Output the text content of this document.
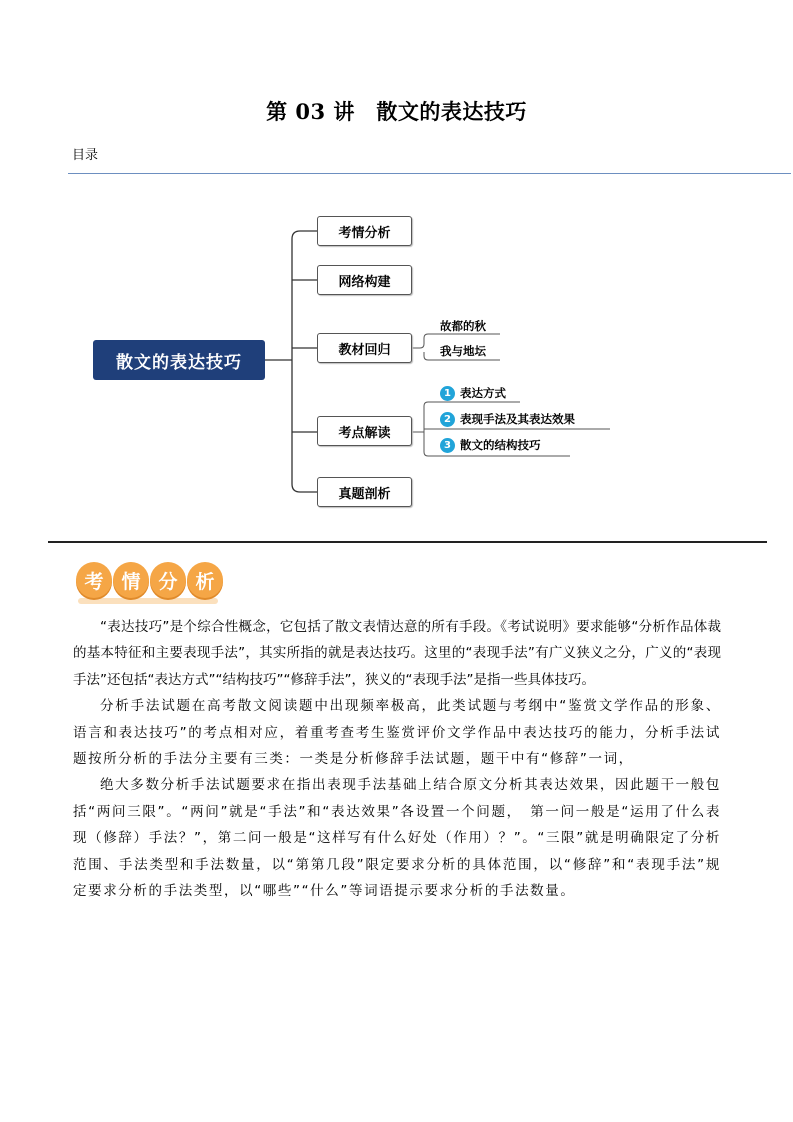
第 03 讲　散文的表达技巧
目录
散文的表达技巧
考情分析
网络构建
教材回归
考点解读
真题剖析
故都的秋
我与地坛
1 表达方式
2 表现手法及其表达效果
3 散文的结构技巧
考 情 分 析

“表达技巧”是个综合性概念，它包括了散文表情达意的所有手段。《考试说明》要求能够“分析作品体裁的基本特征和主要表现手法”，其实所指的就是表达技巧。这里的“表现手法”有广义狭义之分，广义的“表现手法”还包括“表达方式”“结构技巧”“修辞手法”，狭义的“表现手法”是指一些具体技巧。

分析手法试题在高考散文阅读题中出现频率极高，此类试题与考纲中“鉴赏文学作品的形象、语言和表达技巧”的考点相对应，着重考查考生鉴赏评价文学作品中表达技巧的能力，分析手法试题按所分析的手法分主要有三类：一类是分析修辞手法试题，题干中有“修辞”一词，

绝大多数分析手法试题要求在指出表现手法基础上结合原文分析其表达效果，因此题干一般包括“两问三限”。“两问”就是“手法”和“表达效果”各设置一个问题，　第一问一般是“运用了什么表现（修辞）手法？”，第二问一般是“这样写有什么好处（作用）？”。“三限”就是明确限定了分析范围、手法类型和手法数量，以“第第几段”限定要求分析的具体范围，以“修辞”和“表现手法”规定要求分析的手法类型，以“哪些”“什么”等词语提示要求分析的手法数量。
